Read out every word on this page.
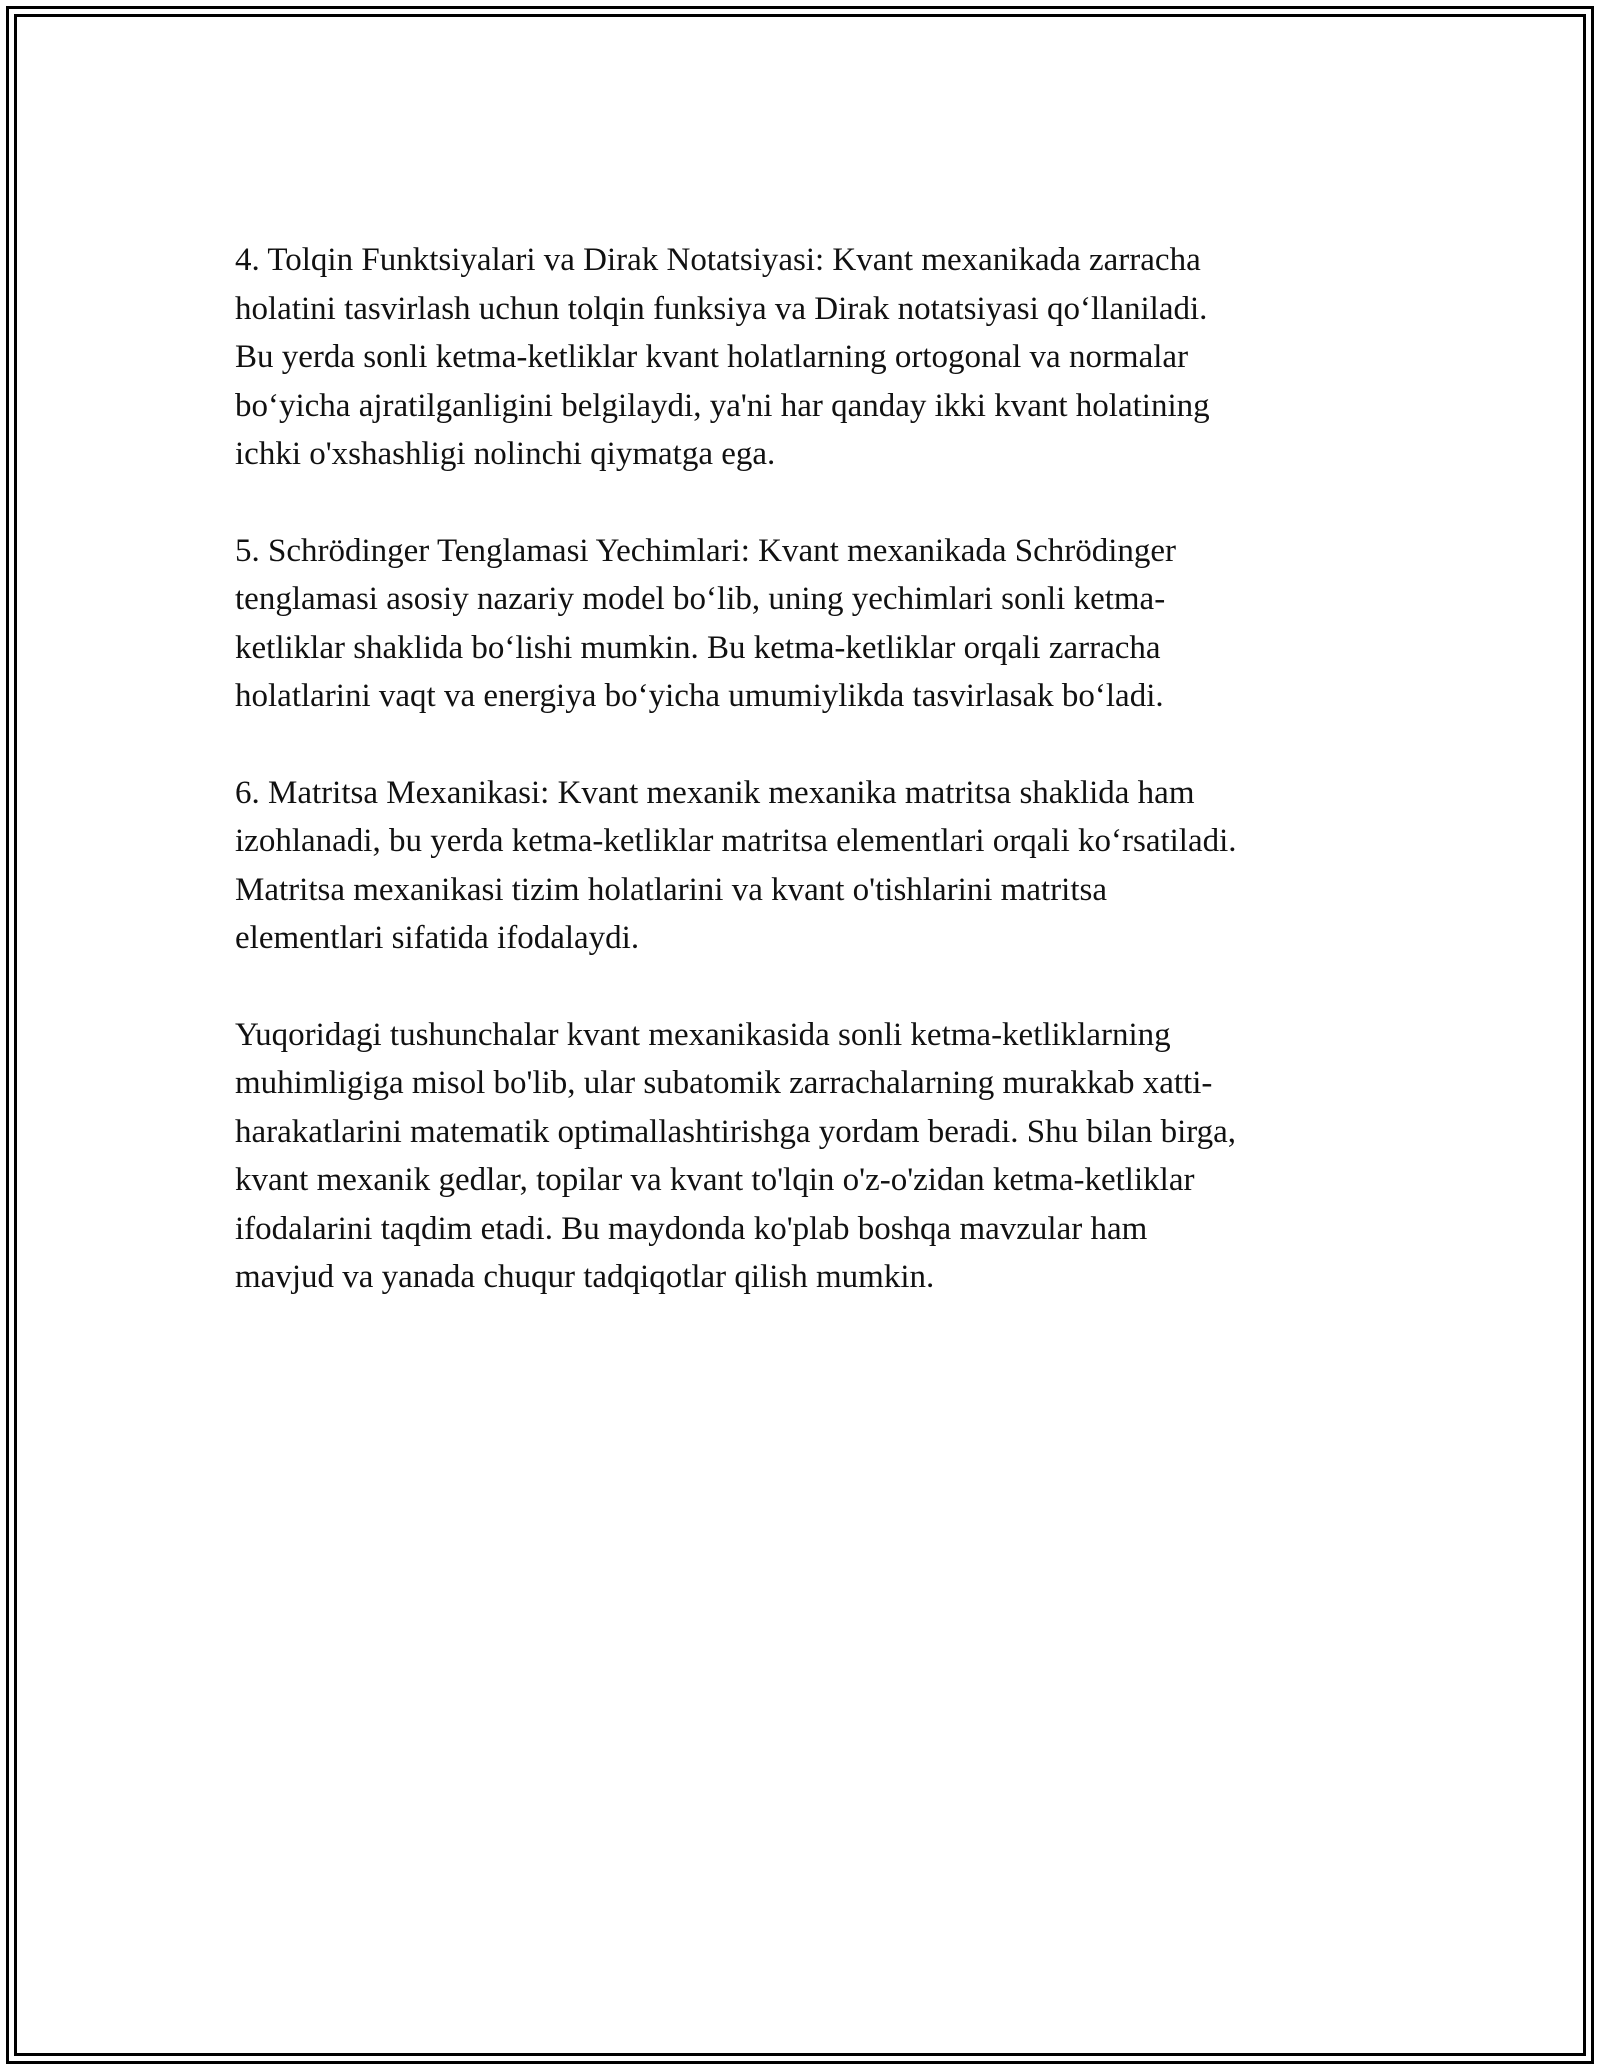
4. Tolqin Funktsiyalari va Dirak Notatsiyasi: Kvant mexanikada zarracha
holatini tasvirlash uchun tolqin funksiya va Dirak notatsiyasi qo‘llaniladi.
Bu yerda sonli ketma-ketliklar kvant holatlarning ortogonal va normalar
bo‘yicha ajratilganligini belgilaydi, ya'ni har qanday ikki kvant holatining
ichki o'xshashligi nolinchi qiymatga ega.

5. Schrödinger Tenglamasi Yechimlari: Kvant mexanikada Schrödinger
tenglamasi asosiy nazariy model bo‘lib, uning yechimlari sonli ketma-
ketliklar shaklida bo‘lishi mumkin. Bu ketma-ketliklar orqali zarracha
holatlarini vaqt va energiya bo‘yicha umumiylikda tasvirlasak bo‘ladi.

6. Matritsa Mexanikasi: Kvant mexanik mexanika matritsa shaklida ham
izohlanadi, bu yerda ketma-ketliklar matritsa elementlari orqali ko‘rsatiladi.
Matritsa mexanikasi tizim holatlarini va kvant o'tishlarini matritsa
elementlari sifatida ifodalaydi.

Yuqoridagi tushunchalar kvant mexanikasida sonli ketma-ketliklarning
muhimligiga misol bo'lib, ular subatomik zarrachalarning murakkab xatti-
harakatlarini matematik optimallashtirishga yordam beradi. Shu bilan birga,
kvant mexanik gedlar, topilar va kvant to'lqin o'z-o'zidan ketma-ketliklar
ifodalarini taqdim etadi. Bu maydonda ko'plab boshqa mavzular ham
mavjud va yanada chuqur tadqiqotlar qilish mumkin.
